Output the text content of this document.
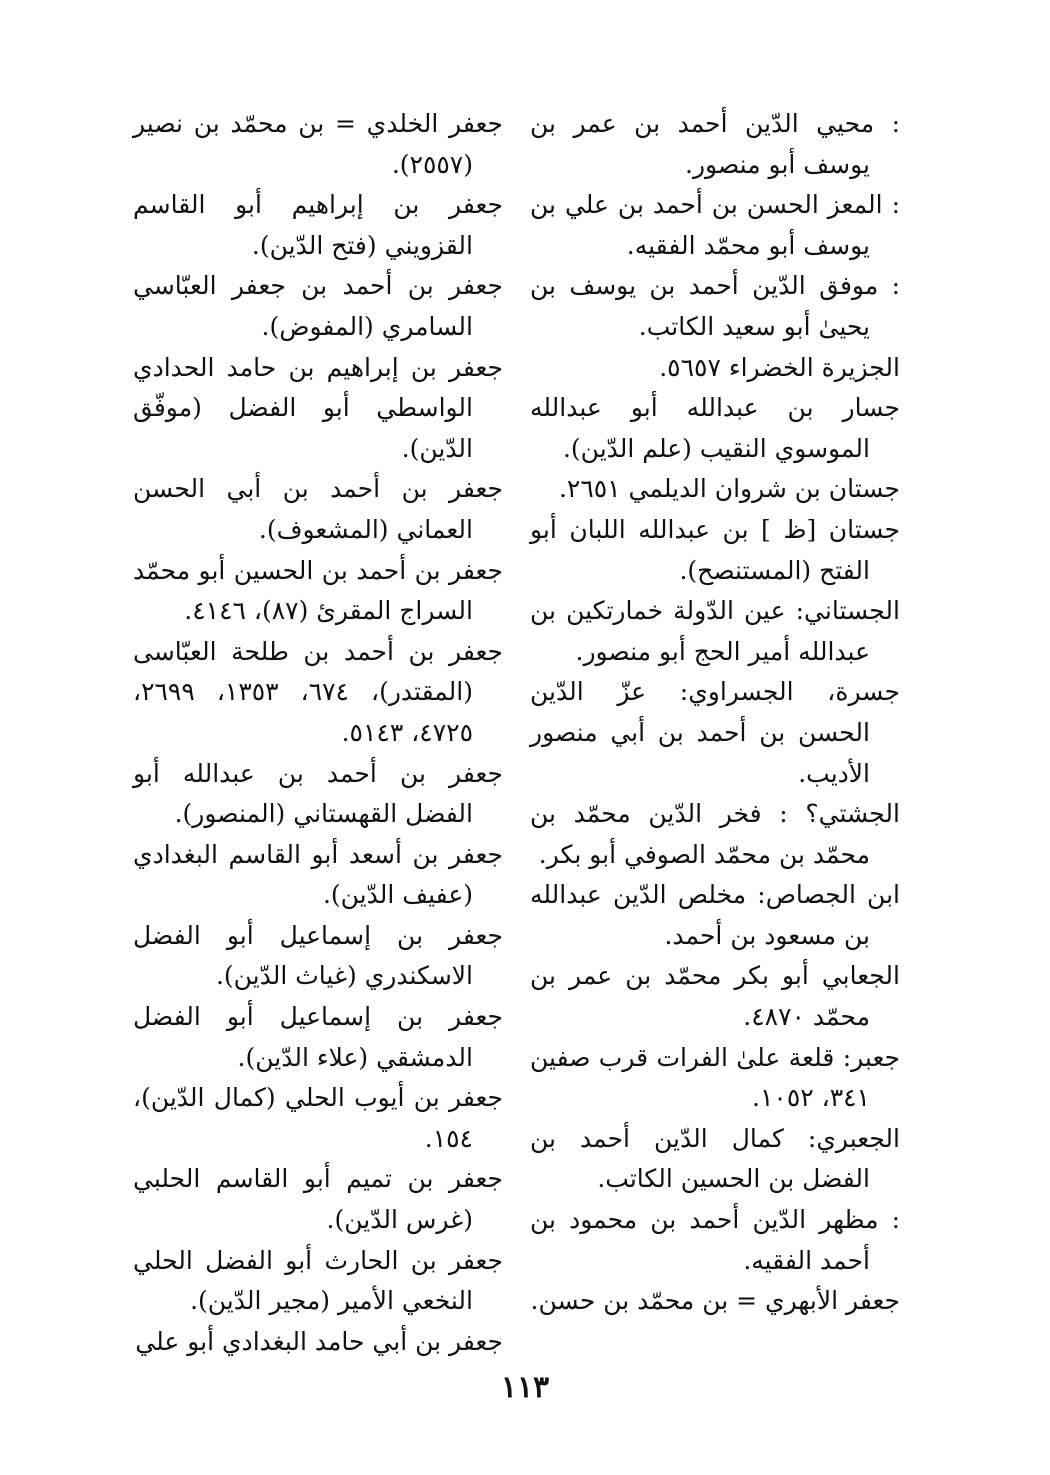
: محيي الدّين أحمد بن عمر بن يوسف أبو منصور.

: المعز الحسن بن أحمد بن علي بن يوسف أبو محمّد الفقيه.

: موفق الدّين أحمد بن يوسف بن يحيىٰ أبو سعيد الكاتب.

الجزيرة الخضراء ٥٦٥٧.

جسار بن عبدالله أبو عبدالله الموسوي النقيب (علم الدّين).

جستان بن شروان الديلمي ٢٦٥١.

جستان [ظ ] بن عبدالله اللبان أبو الفتح (المستنصح).

الجستاني: عين الدّولة خمارتكين بن عبدالله أمير الحج أبو منصور.

جسرة، الجسراوي: عزّ الدّين الحسن بن أحمد بن أبي منصور الأديب.

الجشتي؟ : فخر الدّين محمّد بن محمّد بن محمّد الصوفي أبو بكر.

ابن الجصاص: مخلص الدّين عبدالله بن مسعود بن أحمد.

الجعابي أبو بكر محمّد بن عمر بن محمّد ٤٨٧٠.

جعبر: قلعة علىٰ الفرات قرب صفين ٣٤١، ١٠٥٢.

الجعبري: كمال الدّين أحمد بن الفضل بن الحسين الكاتب.

: مظهر الدّين أحمد بن محمود بن أحمد الفقيه.

جعفر الأبهري = بن محمّد بن حسن.

جعفر الخلدي = بن محمّد بن نصير (٢٥٥٧).

جعفر بن إبراهيم أبو القاسم القزويني (فتح الدّين).

جعفر بن أحمد بن جعفر العبّاسي السامري (المفوض).

جعفر بن إبراهيم بن حامد الحدادي الواسطي أبو الفضل (موفّق الدّين).

جعفر بن أحمد بن أبي الحسن العماني (المشعوف).

جعفر بن أحمد بن الحسين أبو محمّد السراج المقرئ (٨٧)، ٤١٤٦.

جعفر بن أحمد بن طلحة العبّاسى (المقتدر)، ٦٧٤، ١٣٥٣، ٢٦٩٩، ٤٧٢٥، ٥١٤٣.

جعفر بن أحمد بن عبدالله أبو الفضل القهستاني (المنصور).

جعفر بن أسعد أبو القاسم البغدادي (عفيف الدّين).

جعفر بن إسماعيل أبو الفضل الاسكندري (غياث الدّين).

جعفر بن إسماعيل أبو الفضل الدمشقي (علاء الدّين).

جعفر بن أيوب الحلي (كمال الدّين)، ١٥٤.

جعفر بن تميم أبو القاسم الحلبي (غرس الدّين).

جعفر بن الحارث أبو الفضل الحلي النخعي الأمير (مجير الدّين).

جعفر بن أبي حامد البغدادي أبو علي

١١٣
